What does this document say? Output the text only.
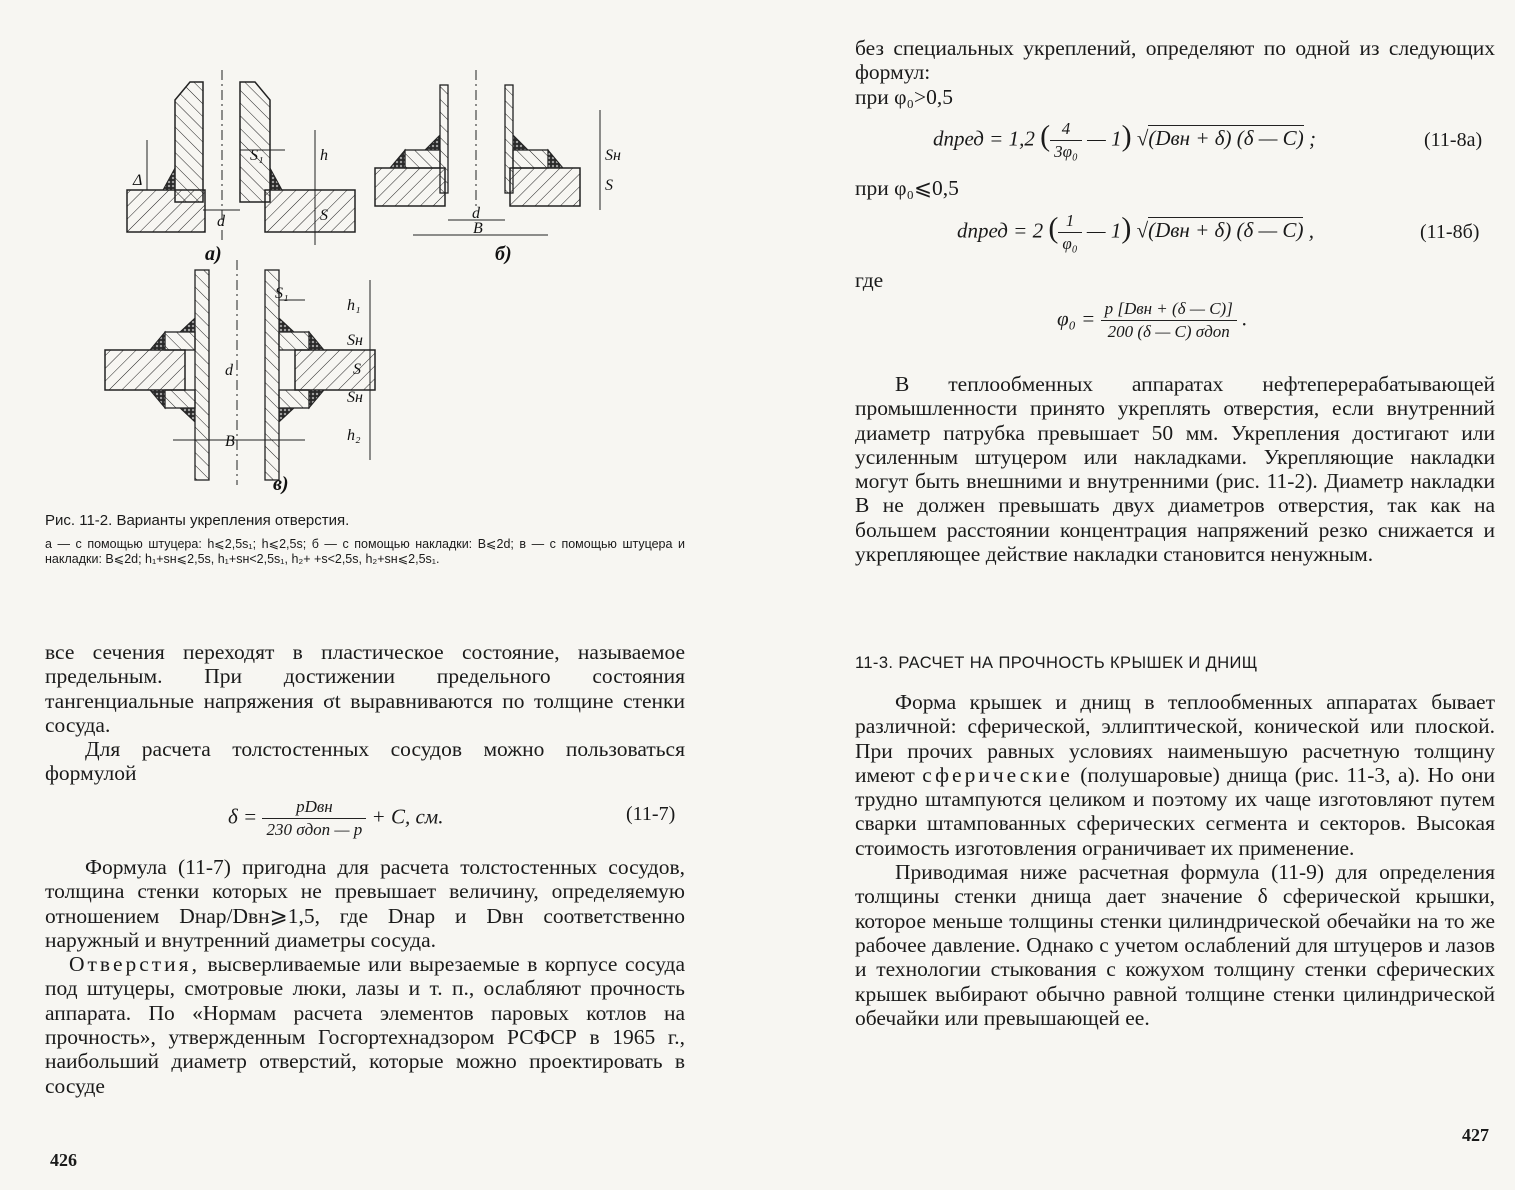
S₁	h
Δ
S
d
а)
d
B
Sн
S
б)
S₁
d
B
h₁
Sн
S
Sн
h₂
в)
Рис. 11-2. Варианты укрепления отверстия.
а — с помощью штуцера: h⩽2,5s₁; h⩽2,5s; б — с помощью накладки: B⩽2d; в — с помощью штуцера и накладки: B⩽2d; h₁+sн⩽2,5s, h₁+sн<2,5s₁, h₂+ +s<2,5s, h₂+sн⩽2,5s₁.

все сечения переходят в пластическое состояние, называемое предельным. При достижении предельного состояния тангенциальные напряжения σt выравниваются по толщине стенки сосуда.

Для расчета толстостенных сосудов можно пользоваться формулой

$\delta = \frac{\text{pDвн}}{\text{230 σдоп — p}} + C$, см.	(11-7)

Формула (11-7) пригодна для расчета толстостенных сосудов, толщина стенки которых не превышает величину, определяемую отношением Dнар/Dвн⩾1,5, где Dнар и Dвн соответственно наружный и внутренний диаметры сосуда.

Отверстия, высверливаемые или вырезаемые в корпусе сосуда под штуцеры, смотровые люки, лазы и т. п., ослабляют прочность аппарата. По «Нормам расчета элементов паровых котлов на прочность», утвержденным Госгортехнадзором РСФСР в 1965 г., наибольший диаметр отверстий, которые можно проектировать в сосуде

426

без специальных укреплений, определяют по одной из следующих формул:

при φ₀>0,5

dпред = 1,2 ( $\frac{4}{\text{3φ₀}}$ — 1) √(Dвн + δ) (δ — C) ;	(11-8а)

при φ₀⩽0,5

dпред = 2 ( $\frac{1}{\text{φ₀}}$ — 1) √(Dвн + δ) (δ — C) ,	(11-8б)

где

$\varphi_0 = \frac{\text{p [Dвн + (δ — C)]}}{\text{200 (δ — C) σдоп}}$ .

В теплообменных аппаратах нефтеперерабатывающей промышленности принято укреплять отверстия, если внутренний диаметр патрубка превышает 50 мм. Укрепления достигают или усиленным штуцером или накладками. Укрепляющие накладки могут быть внешними и внутренними (рис. 11-2). Диаметр накладки B не должен превышать двух диаметров отверстия, так как на большем расстоянии концентрация напряжений резко снижается и укрепляющее действие накладки становится ненужным.

11-3. РАСЧЕТ НА ПРОЧНОСТЬ КРЫШЕК И ДНИЩ

Форма крышек и днищ в теплообменных аппаратах бывает различной: сферической, эллиптической, конической или плоской. При прочих равных условиях наименьшую расчетную толщину имеют сферические (полушаровые) днища (рис. 11-3, а). Но они трудно штампуются целиком и поэтому их чаще изготовляют путем сварки штампованных сферических сегмента и секторов. Высокая стоимость изготовления ограничивает их применение.

Приводимая ниже расчетная формула (11-9) для определения толщины стенки днища дает значение δ сферической крышки, которое меньше толщины стенки цилиндрической обечайки на то же рабочее давление. Однако с учетом ослаблений для штуцеров и лазов и технологии стыкования с кожухом толщину стенки сферических крышек выбирают обычно равной толщине стенки цилиндрической обечайки или превышающей ее.

427
